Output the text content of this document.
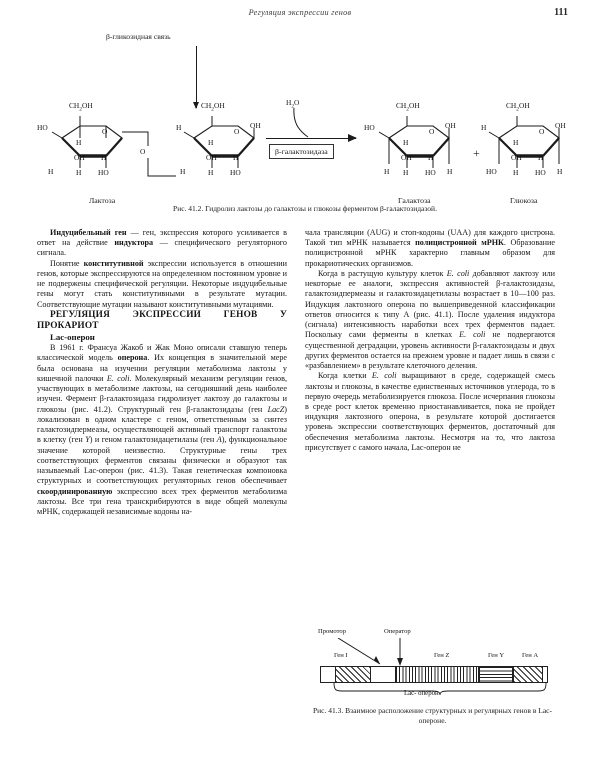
Регуляция экспрессии генов	111
β-гликозидная связь
$CH_2OH$
HO
H
O
OH H
H	H HO
O
$CH_2OH$
H
H
O
OH
OH H
H	H HO
Лактоза
$H_2O$
β-галактозидаза
$CH_2OH$
HO
H
O
OH
OH H
H H HO H
+
$CH_2OH$
H
H
O
OH
OH H
HO H HO H
Галактоза	Глюкоза
Рис. 41.2. Гидролиз лактозы до галактозы и глюкозы ферментом β-галактозидазой.

Индуцибельный ген — ген, экспрессия которого усиливается в ответ на действие индуктора — специфического регуляторного сигнала.

Понятие конститутивной экспрессии используется в отношении генов, которые экспрессируются на определенном постоянном уровне и не подвержены специфической регуляции. Некоторые индуцибельные гены могут стать конститутивными в результате мутации. Соответствующие мутации называют конститутивными мутациями.

РЕГУЛЯЦИЯ ЭКСПРЕССИИ ГЕНОВ У ПРОКАРИОТ

Lac-оперон

В 1961 г. Франсуа Жакоб и Жак Моно описали ставшую теперь классической модель оперона. Их концепция в значительной мере была основана на изучении регуляции метаболизма лактозы у кишечной палочки E. coli. Молекулярный механизм регуляции генов, участвующих в метаболизме лактозы, на сегодняшний день наиболее изучен. Фермент β-галактозидаза гидролизует лактозу до галактозы и глюкозы (рис. 41.2). Структурный ген β-галактозидазы (ген LacZ) локализован в одном кластере с геном, ответственным за синтез галактозидпермеазы, осуществляющей активный транспорт галактозы в клетку (ген Y) и геном галактозидацетилазы (ген A), функциональное значение которой неизвестно. Структурные гены трех соответствующих ферментов связаны физически и образуют так называемый Lac-оперон (рис. 41.3). Такая генетическая компоновка структурных и соответствующих регуляторных генов обеспечивает скоординированную экспрессию всех трех ферментов метаболизма лактозы. Все три гена транскрибируются в виде общей молекулы мРНК, содержащей независимые кодоны на-

чала трансляции (AUG) и стоп-кодоны (UAA) для каждого цистрона. Такой тип мРНК называется полицистронной мРНК. Образование полицистронной мРНК характерно главным образом для прокариотических организмов.

Когда в растущую культуру клеток E. coli добавляют лактозу или некоторые ее аналоги, экспрессия активностей β-галактозидазы, галактозидпермеазы и галактозидацетилазы возрастает в 10—100 раз. Индукция лактозного оперона по вышеприведенной классификации ответов относится к типу А (рис. 41.1). После удаления индуктора (сигнала) интенсивность наработки всех трех ферментов падает. Поскольку сами ферменты в клетках E. coli не подвергаются существенной деградации, уровень активности β-галактозидазы и двух других ферментов остается на прежнем уровне и падает лишь в связи с «разбавлением» в результате клеточного деления.

Когда клетки E. coli выращивают в среде, содержащей смесь лактозы и глюкозы, в качестве единственных источников углерода, то в первую очередь метаболизируется глюкоза. После исчерпания глюкозы в среде рост клеток временно приостанавливается, пока не пройдет индукция лактозного оперона, в результате которой достигается уровень экспрессии соответствующих ферментов, достаточный для обеспечения метаболизма лактозы. Несмотря на то, что лактоза присутствует с самого начала, Lac-оперон не

Промотор	Оператор
Ген I	Ген Z	Ген Y	Ген A
Lac- оперон
Рис. 41.3. Взаимное расположение структурных и регулярных генов в Lac-опероне.
